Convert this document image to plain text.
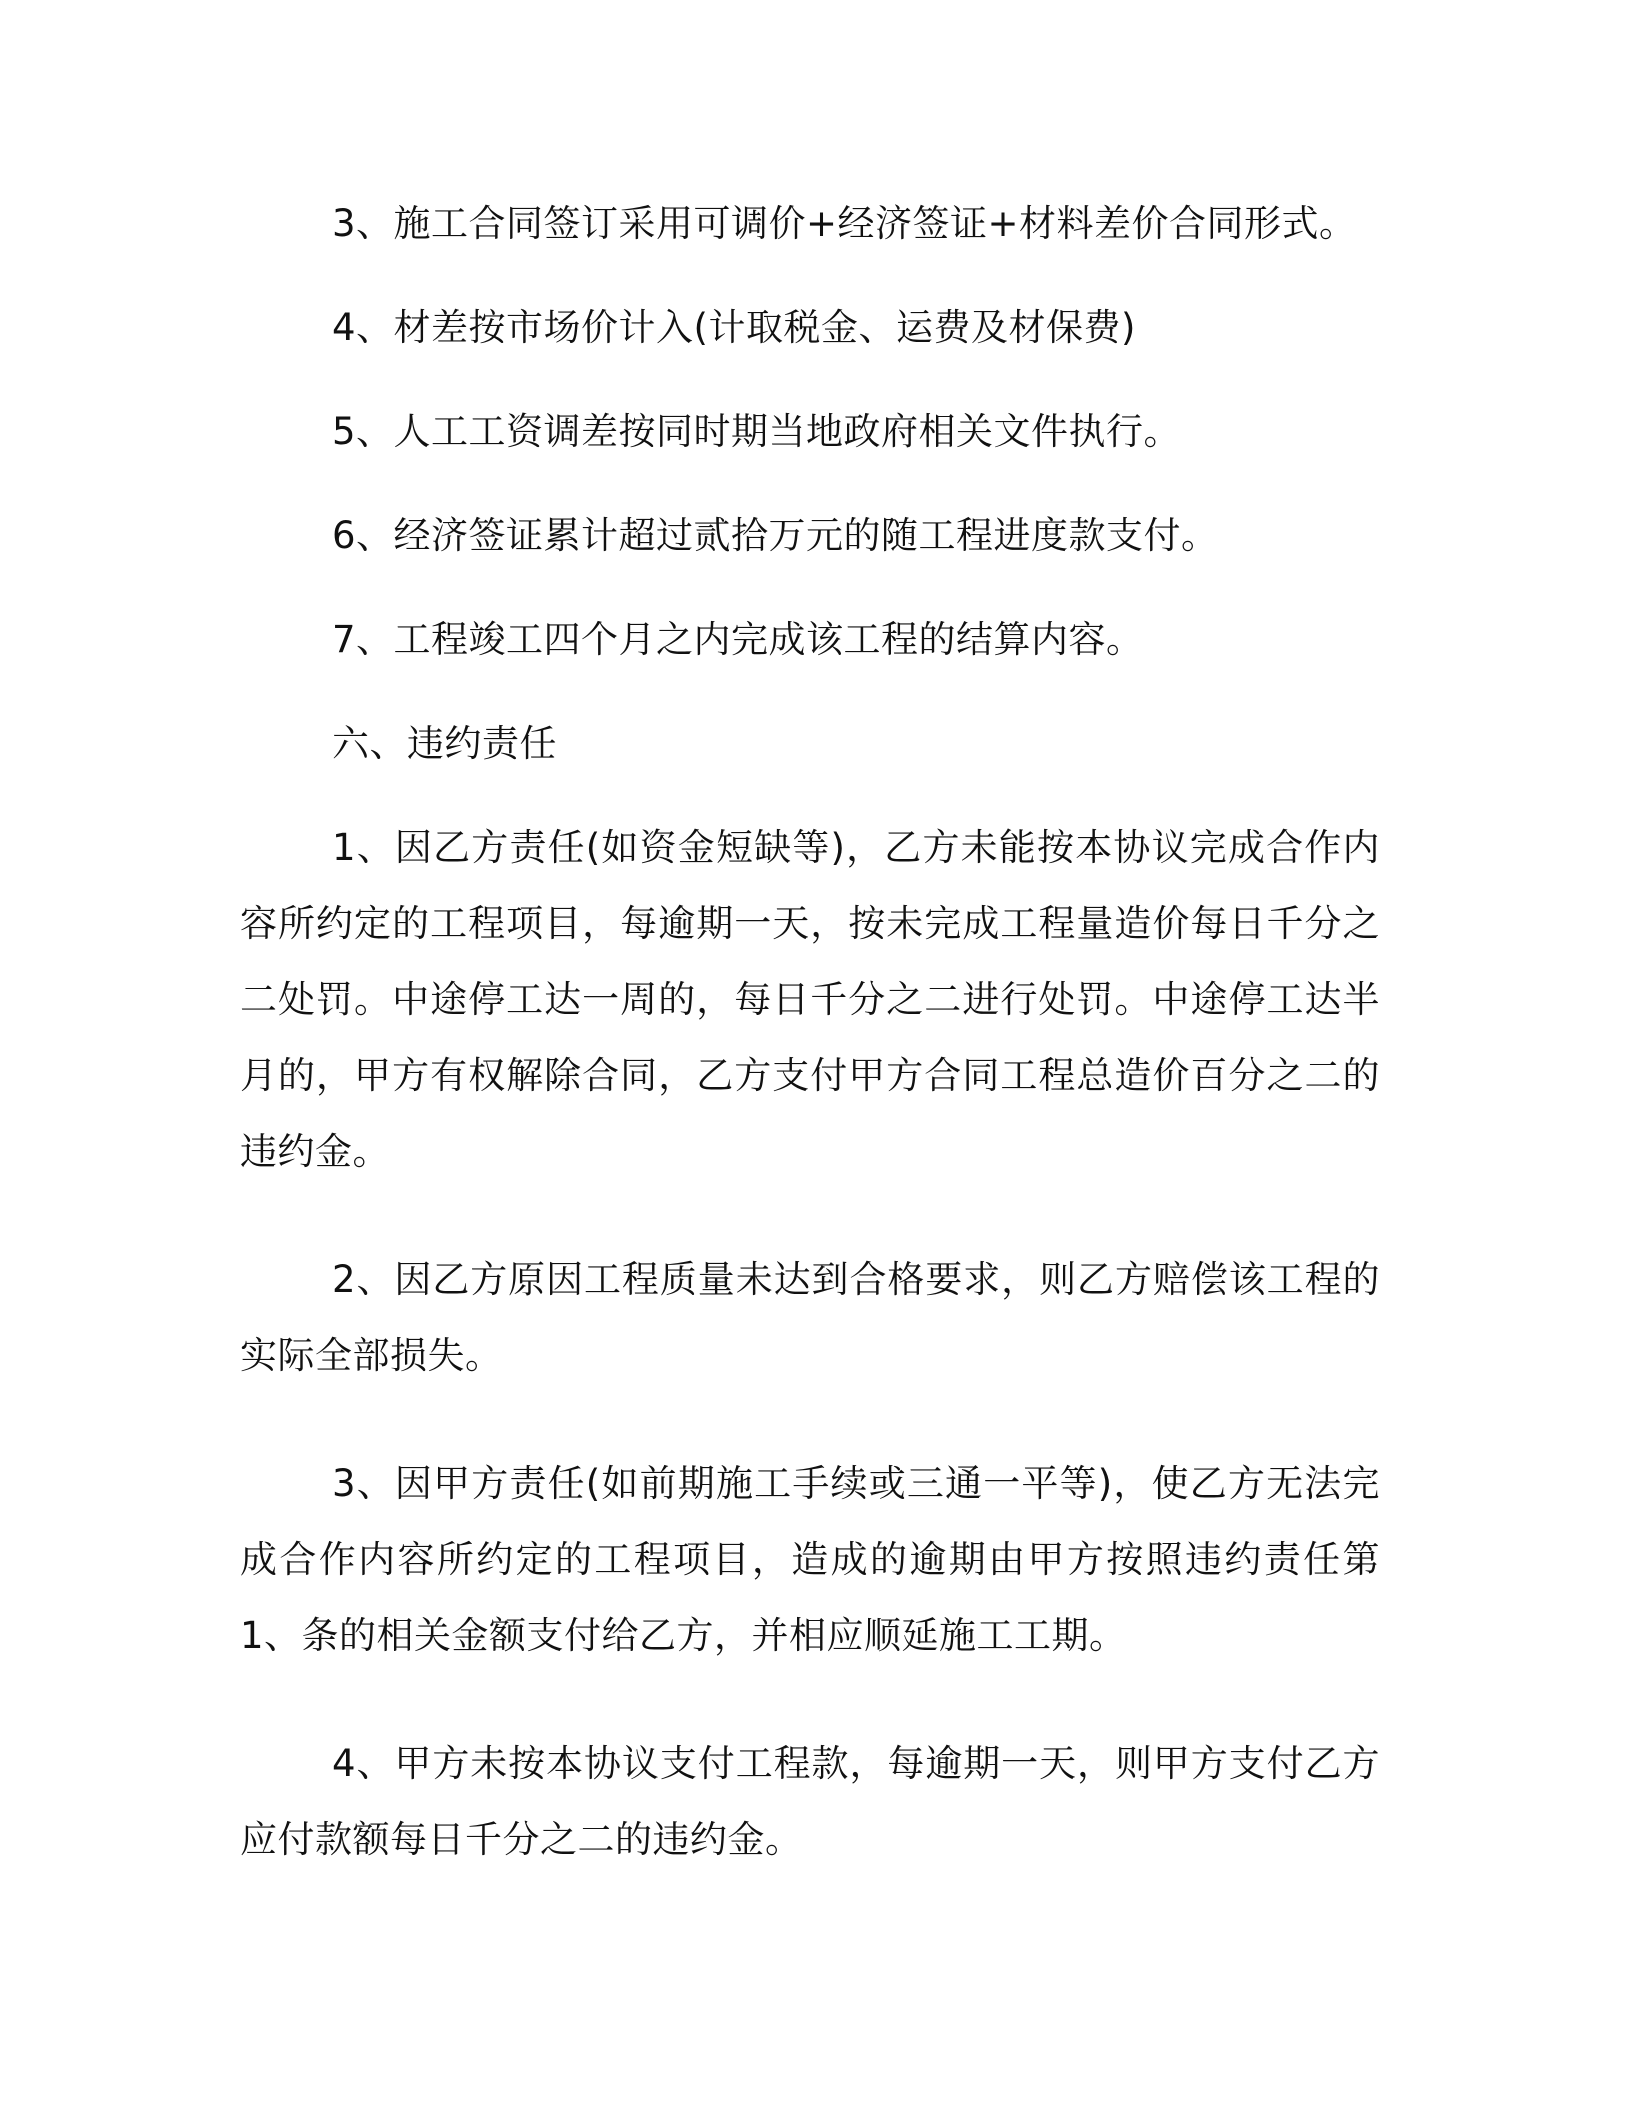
3、施工合同签订采用可调价+经济签证+材料差价合同形式。

4、材差按市场价计入(计取税金、运费及材保费)

5、人工工资调差按同时期当地政府相关文件执行。

6、经济签证累计超过贰拾万元的随工程进度款支付。

7、工程竣工四个月之内完成该工程的结算内容。

六、违约责任

1、因乙方责任(如资金短缺等)，乙方未能按本协议完成合作内容所约定的工程项目，每逾期一天，按未完成工程量造价每日千分之二处罚。中途停工达一周的，每日千分之二进行处罚。中途停工达半月的，甲方有权解除合同，乙方支付甲方合同工程总造价百分之二的违约金。

2、因乙方原因工程质量未达到合格要求，则乙方赔偿该工程的实际全部损失。

3、因甲方责任(如前期施工手续或三通一平等)，使乙方无法完成合作内容所约定的工程项目，造成的逾期由甲方按照违约责任第 1、条的相关金额支付给乙方，并相应顺延施工工期。

4、甲方未按本协议支付工程款，每逾期一天，则甲方支付乙方应付款额每日千分之二的违约金。
